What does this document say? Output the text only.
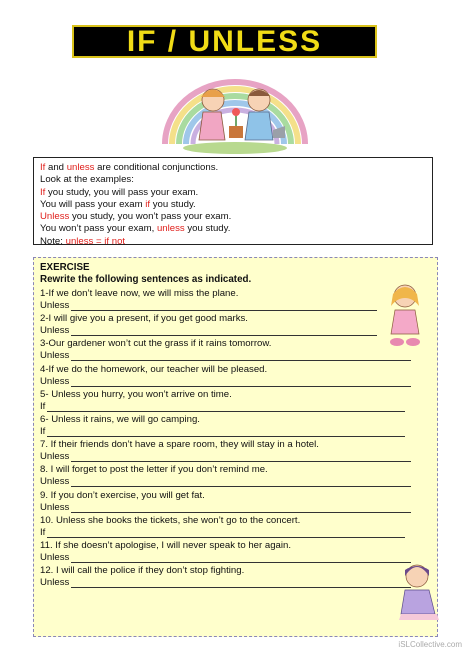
IF / UNLESS
If and unless are conditional conjunctions.
Look at the examples:
If you study, you will pass your exam.
You will pass your exam if you study.
Unless you study, you won’t pass your exam.
You won’t pass your exam, unless you study.
Note: unless = if not
EXERCISE
Rewrite the following sentences as indicated.
1-If we don’t leave now, we will miss the plane.
Unless
2-I will give you a present, if you get good marks.
Unless
3-Our gardener won’t cut the grass if it rains tomorrow.
Unless
4-If we do the homework, our teacher will be pleased.
Unless
5- Unless you hurry, you won’t arrive on time.
If
6- Unless it rains, we will go camping.
If
7. If their friends don’t have a spare room, they will stay in a hotel.
Unless
8. I will forget to post the letter if you don’t remind me.
Unless
9. If you don’t exercise, you will get fat.
Unless
10. Unless she books the tickets, she won’t go to the concert.
If
11. If she doesn’t apologise, I will never speak to her again.
Unless
12. I will call the police if they don’t stop fighting.
Unless
iSLCollective.com
